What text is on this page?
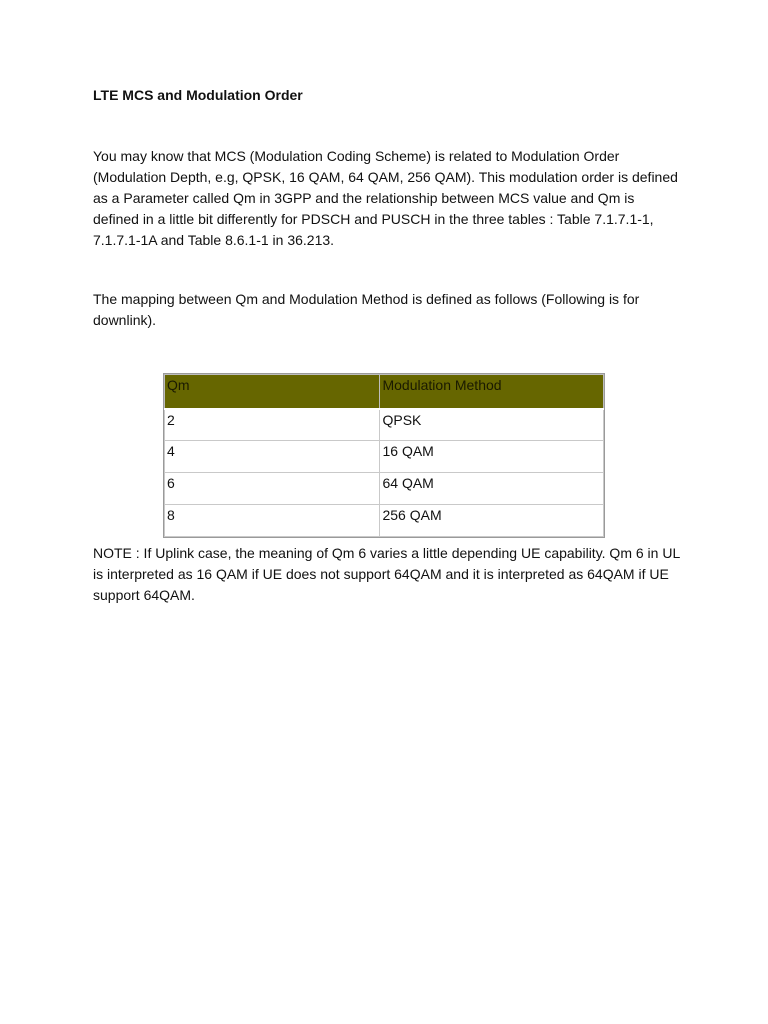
LTE MCS and Modulation Order

You may know that MCS (Modulation Coding Scheme) is related to Modulation Order (Modulation Depth, e.g, QPSK, 16 QAM, 64 QAM, 256 QAM). This modulation order is defined as a Parameter called Qm in 3GPP and the relationship between MCS value and Qm is defined in a little bit differently for PDSCH and PUSCH in the three tables : Table 7.1.7.1-1, 7.1.7.1-1A and Table 8.6.1-1 in 36.213.

The mapping between Qm and Modulation Method is defined as follows (Following is for downlink).

NOTE : If Uplink case, the meaning of Qm 6 varies a little depending UE capability. Qm 6 in UL is interpreted as 16 QAM if UE does not support 64QAM and it is interpreted as 64QAM if UE support 64QAM.

Qm	Modulation Method
2	QPSK
4	16 QAM
6	64 QAM
8	256 QAM
